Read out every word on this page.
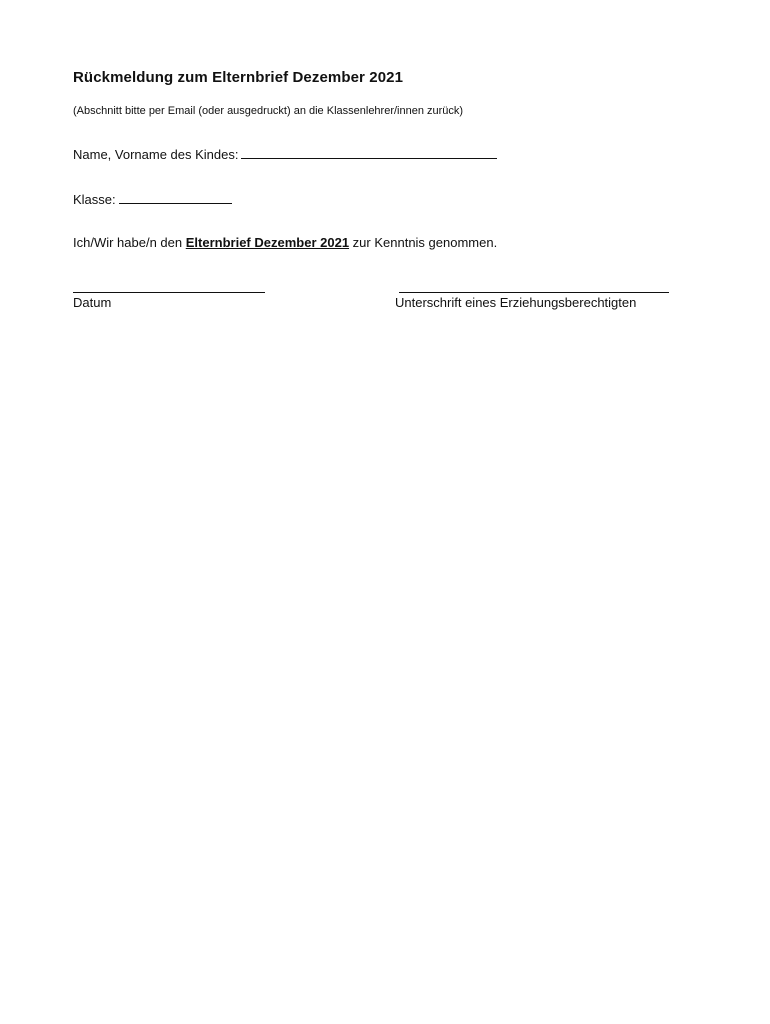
Rückmeldung zum Elternbrief Dezember 2021
(Abschnitt bitte per Email (oder ausgedruckt) an die Klassenlehrer/innen zurück)
Name, Vorname des Kindes:
Klasse:
Ich/Wir habe/n den Elternbrief Dezember 2021 zur Kenntnis genommen.
Datum	Unterschrift eines Erziehungsberechtigten
